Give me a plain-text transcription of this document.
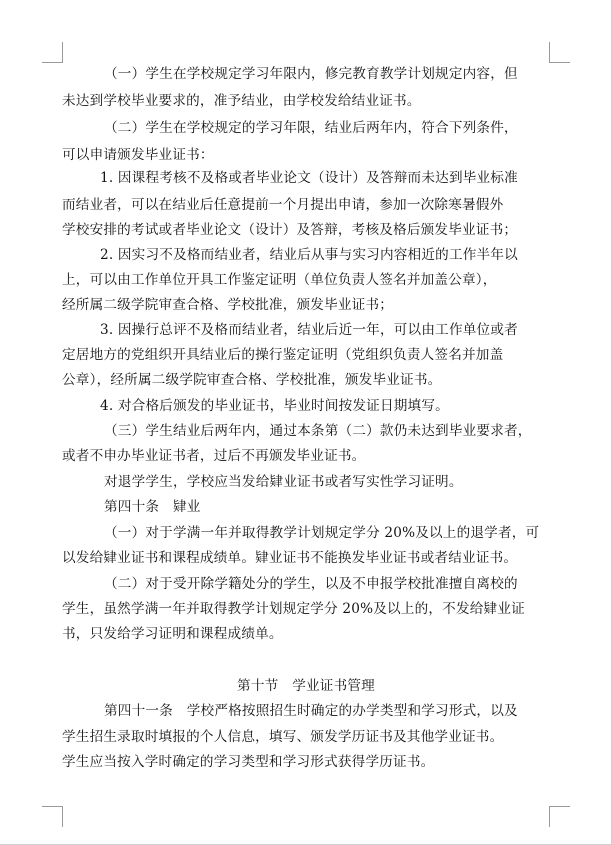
（一）学生在学校规定学习年限内，修完教育教学计划规定内容，但
未达到学校毕业要求的，准予结业，由学校发给结业证书。
（二）学生在学校规定的学习年限，结业后两年内，符合下列条件，
可以申请颁发毕业证书：
1. 因课程考核不及格或者毕业论文（设计）及答辩而未达到毕业标准
而结业者，可以在结业后任意提前一个月提出申请，参加一次除寒暑假外
学校安排的考试或者毕业论文（设计）及答辩，考核及格后颁发毕业证书；
2. 因实习不及格而结业者，结业后从事与实习内容相近的工作半年以
上，可以由工作单位开具工作鉴定证明（单位负责人签名并加盖公章），
经所属二级学院审查合格、学校批准，颁发毕业证书；
3. 因操行总评不及格而结业者，结业后近一年，可以由工作单位或者
定居地方的党组织开具结业后的操行鉴定证明（党组织负责人签名并加盖
公章），经所属二级学院审查合格、学校批准，颁发毕业证书。
4. 对合格后颁发的毕业证书，毕业时间按发证日期填写。
（三）学生结业后两年内，通过本条第（二）款仍未达到毕业要求者，
或者不申办毕业证书者，过后不再颁发毕业证书。
对退学学生，学校应当发给肄业证书或者写实性学习证明。
第四十条　肄业
（一）对于学满一年并取得教学计划规定学分 20%及以上的退学者，可
以发给肄业证书和课程成绩单。肄业证书不能换发毕业证书或者结业证书。
（二）对于受开除学籍处分的学生，以及不申报学校批准擅自离校的
学生，虽然学满一年并取得教学计划规定学分 20%及以上的，不发给肄业证
书，只发给学习证明和课程成绩单。
第十节　学业证书管理
第四十一条　学校严格按照招生时确定的办学类型和学习形式，以及
学生招生录取时填报的个人信息，填写、颁发学历证书及其他学业证书。
学生应当按入学时确定的学习类型和学习形式获得学历证书。
